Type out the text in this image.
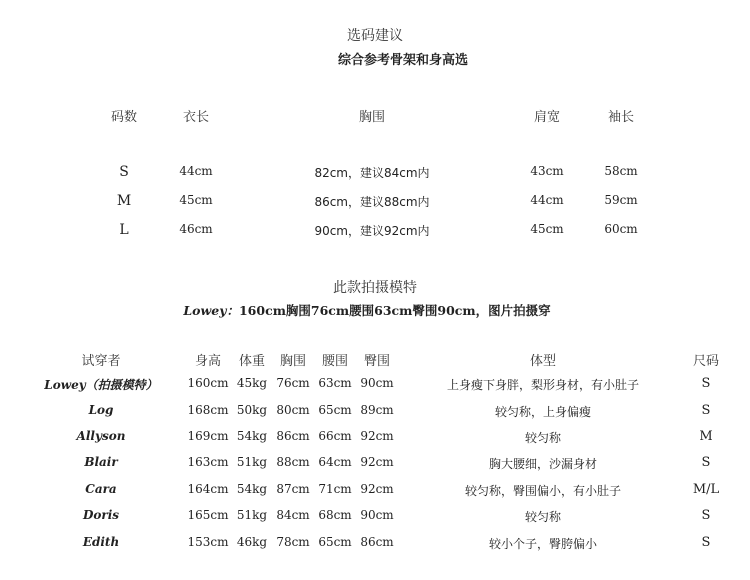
选码建议
综合参考骨架和身高选
码数	衣长	胸围	肩宽	袖长
S	44cm	82cm，建议84cm内	43cm	58cm
M	45cm	86cm，建议88cm内	44cm	59cm
L	46cm	90cm，建议92cm内	45cm	60cm
此款拍摄模特
Lowey：160cm胸围76cm腰围63cm臀围90cm，图片拍摄穿
试穿者	身高 体重 胸围 腰围 臀围	体型	尺码
Lowey（拍摄模特） 160cm 45kg 76cm 63cm 90cm	上身瘦下身胖，梨形身材，有小肚子	S
Log	168cm 50kg 80cm 65cm 89cm	较匀称，上身偏瘦	S
Allyson	169cm 54kg 86cm 66cm 92cm	较匀称	M
Blair	163cm 51kg 88cm 64cm 92cm	胸大腰细，沙漏身材	S
Cara	164cm 54kg 87cm 71cm 92cm	较匀称，臀围偏小，有小肚子	M/L
Doris	165cm 51kg 84cm 68cm 90cm	较匀称	S
Edith	153cm 46kg 78cm 65cm 86cm	较小个子，臀胯偏小	S
